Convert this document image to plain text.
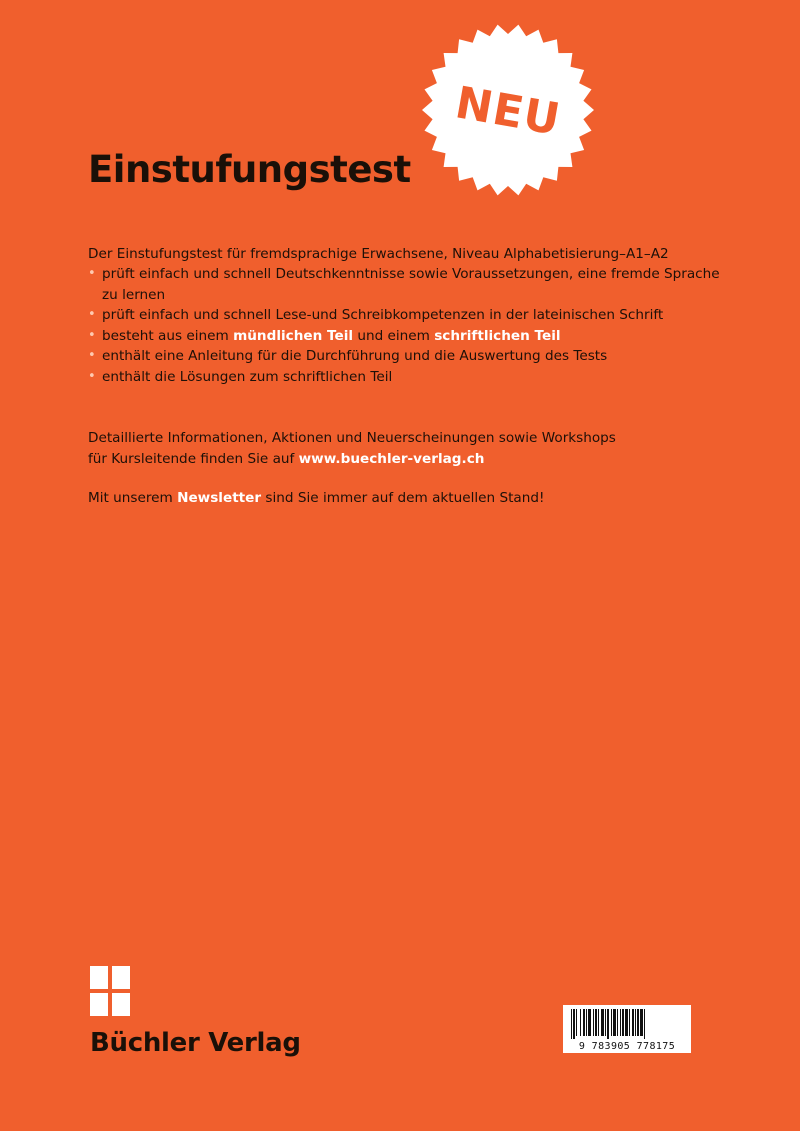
NEU
Einstufungstest
Der Einstufungstest für fremdsprachige Erwachsene, Niveau Alphabetisierung–A1–A2
• prüft einfach und schnell Deutschkenntnisse sowie Voraussetzungen, eine fremde Sprache zu lernen
• prüft einfach und schnell Lese-und Schreibkompetenzen in der lateinischen Schrift
• besteht aus einem mündlichen Teil und einem schriftlichen Teil
• enthält eine Anleitung für die Durchführung und die Auswertung des Tests
• enthält die Lösungen zum schriftlichen Teil
Detaillierte Informationen, Aktionen und Neuerscheinungen sowie Workshops
für Kursleitende finden Sie auf www.buechler-verlag.ch
Mit unserem Newsletter sind Sie immer auf dem aktuellen Stand!
Büchler Verlag	9 783905 778175
